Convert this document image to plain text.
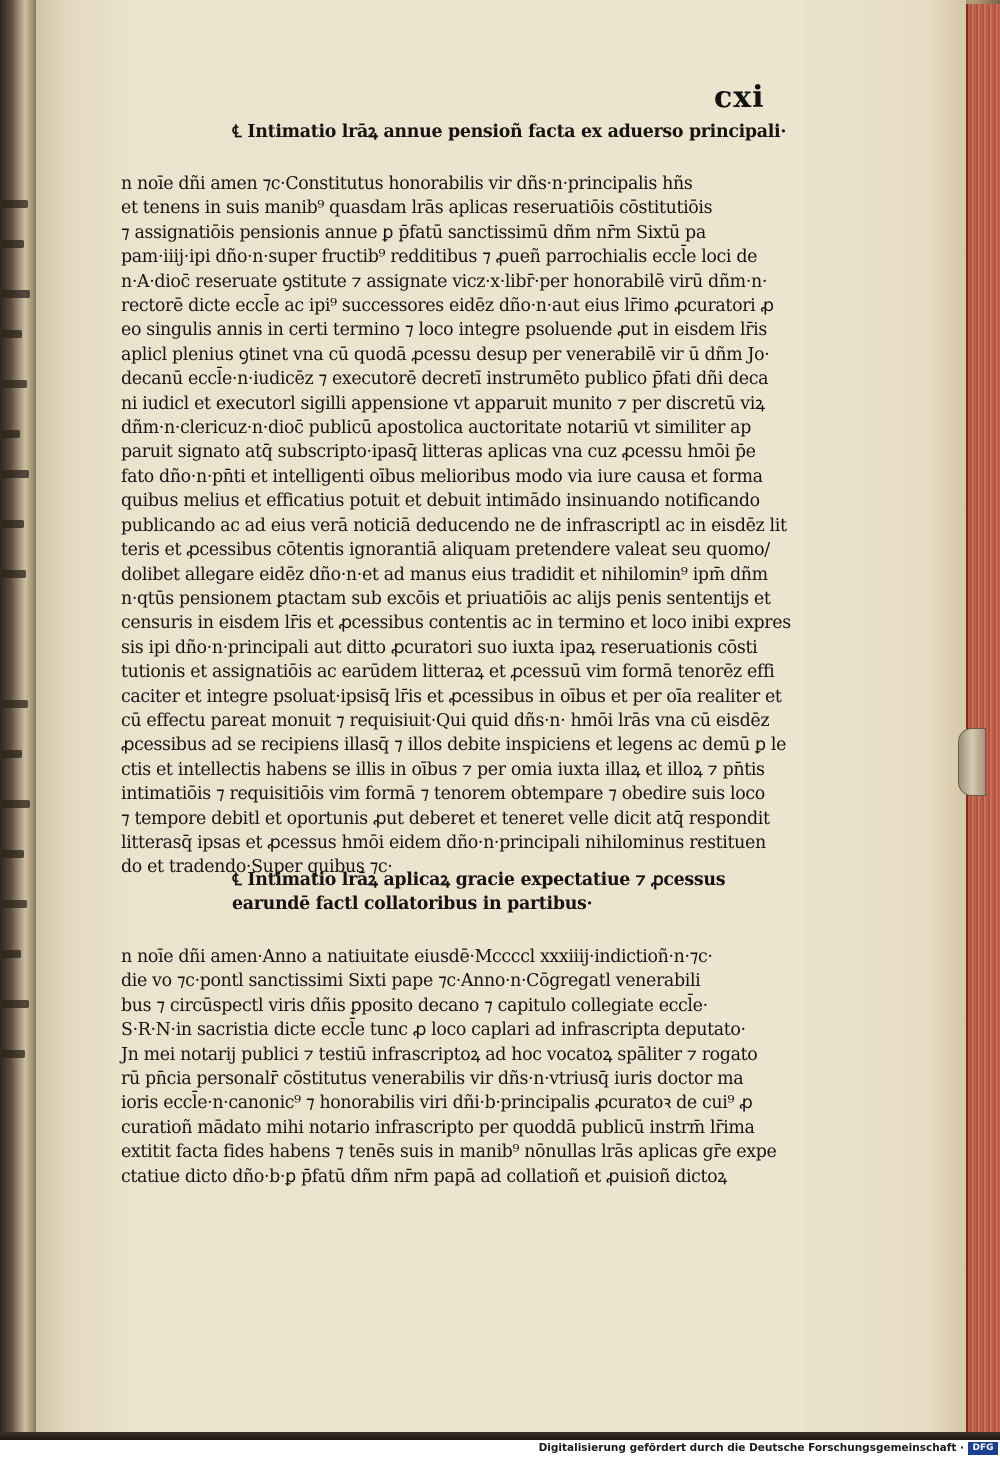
cxi
℄ Intimatio lrāꝝ annue pensioñ facta ex aduerso principali·
n noīe dñi amen ⁊c·Constitutus honorabilis vir dñs·n·principalis hñs
et tenens in suis manib⁹ quasdam lrās aplicas reseruatiōis cōstitutiōis
⁊ assignatiōis pensionis annue ꝑ p̄fatū sanctissimū dñm nr̄m Sixtū pa
pam·iiij·ipi dño·n·super fructib⁹ redditibus ⁊ ꝓueñ parrochialis eccl̄e loci de
n·A·dioc̄ reseruate ꝯstitute ⁊ assignate vicz·x·libr̄·per honorabilē virū dñm·n·
rectorē dicte eccl̄e ac ipi⁹ successores eidēz dño·n·aut eius lr̄imo ꝓcuratori ꝓ
eo singulis annis in certi termino ⁊ loco integre psoluende ꝓut in eisdem lr̄is
aplicl plenius ꝯtinet vna cū quodā ꝓcessu desup per venerabilē vir ū dñm Jo·
decanū eccl̄e·n·iudicēz ⁊ executorē decretī instrumēto publico p̄fati dñi deca
ni iudicl et executorl sigilli appensione vt apparuit munito ⁊ per discretū viꝝ
dñm·n·clericuz·n·dioc̄ publicū apostolica auctoritate notariū vt similiter ap
paruit signato atq̄ subscripto·ipasq̄ litteras aplicas vna cuz ꝓcessu hmōi p̄e
fato dño·n·pn̄ti et intelligenti oībus melioribus modo via iure causa et forma
quibus melius et efficatius potuit et debuit intimādo insinuando notificando
publicando ac ad eius verā noticiā deducendo ne de infrascriptl ac in eisdēz lit
teris et ꝓcessibus cōtentis ignorantiā aliquam pretendere valeat seu quomo/
dolibet allegare eidēz dño·n·et ad manus eius tradidit et nihilomin⁹ ipm̄ dñm
n·qtūs pensionem ꝑtactam sub excōis et priuatiōis ac alijs penis sententijs et
censuris in eisdem lr̄is et ꝓcessibus contentis ac in termino et loco inibi expres
sis ipi dño·n·principali aut ditto ꝓcuratori suo iuxta ipaꝝ reseruationis cōsti
tutionis et assignatiōis ac earūdem litteraꝝ et ꝓcessuū vim formā tenorēz effi
caciter et integre psoluat·ipsisq̄ lr̄is et ꝓcessibus in oībus et per oīa realiter et
cū effectu pareat monuit ⁊ requisiuit·Qui quid dñs·n· hmōi lrās vna cū eisdēz
ꝓcessibus ad se recipiens illasq̄ ⁊ illos debite inspiciens et legens ac demū ꝑ le
ctis et intellectis habens se illis in oībus ⁊ per omia iuxta illaꝝ et illoꝝ ⁊ pn̄tis
intimatiōis ⁊ requisitiōis vim formā ⁊ tenorem obtempare ⁊ obedire suis loco
⁊ tempore debitl et oportunis ꝓut deberet et teneret velle dicit atq̄ respondit
litterasq̄ ipsas et ꝓcessus hmōi eidem dño·n·principali nihilominus restituen
do et tradendo·Super quibus ⁊c·
℄ Intimatio lrāꝝ aplicaꝝ gracie expectatiue ⁊ ꝓcessus
earundē factl collatoribus in partibus·
n noīe dñi amen·Anno a natiuitate eiusdē·Mccccl xxxiiij·indictioñ·n·⁊c·
die vo ⁊c·pontl sanctissimi Sixti pape ⁊c·Anno·n·Cōgregatl venerabili
bus ⁊ circūspectl viris dñis ꝑposito decano ⁊ capitulo collegiate eccl̄e·
S·R·N·in sacristia dicte eccl̄e tunc ꝓ loco caplari ad infrascripta deputato·
Jn mei notarij publici ⁊ testiū infrascriptoꝝ ad hoc vocatoꝝ spāliter ⁊ rogato
rū pn̄cia personalr̄ cōstitutus venerabilis vir dñs·n·vtriusq̄ iuris doctor ma
ioris eccl̄e·n·canonic⁹ ⁊ honorabilis viri dñi·b·principalis ꝓcuratoꝛ de cui⁹ ꝓ
curatioñ mādato mihi notario infrascripto per quoddā publicū instrm̄ lr̄ima
extitit facta fides habens ⁊ tenēs suis in manib⁹ nōnullas lrās aplicas gr̄e expe
ctatiue dicto dño·b·ꝑ p̄fatū dñm nr̄m papā ad collatioñ et ꝓuisioñ dictoꝝ
Digitalisierung gefördert durch die Deutsche Forschungsgemeinschaft · DFG
